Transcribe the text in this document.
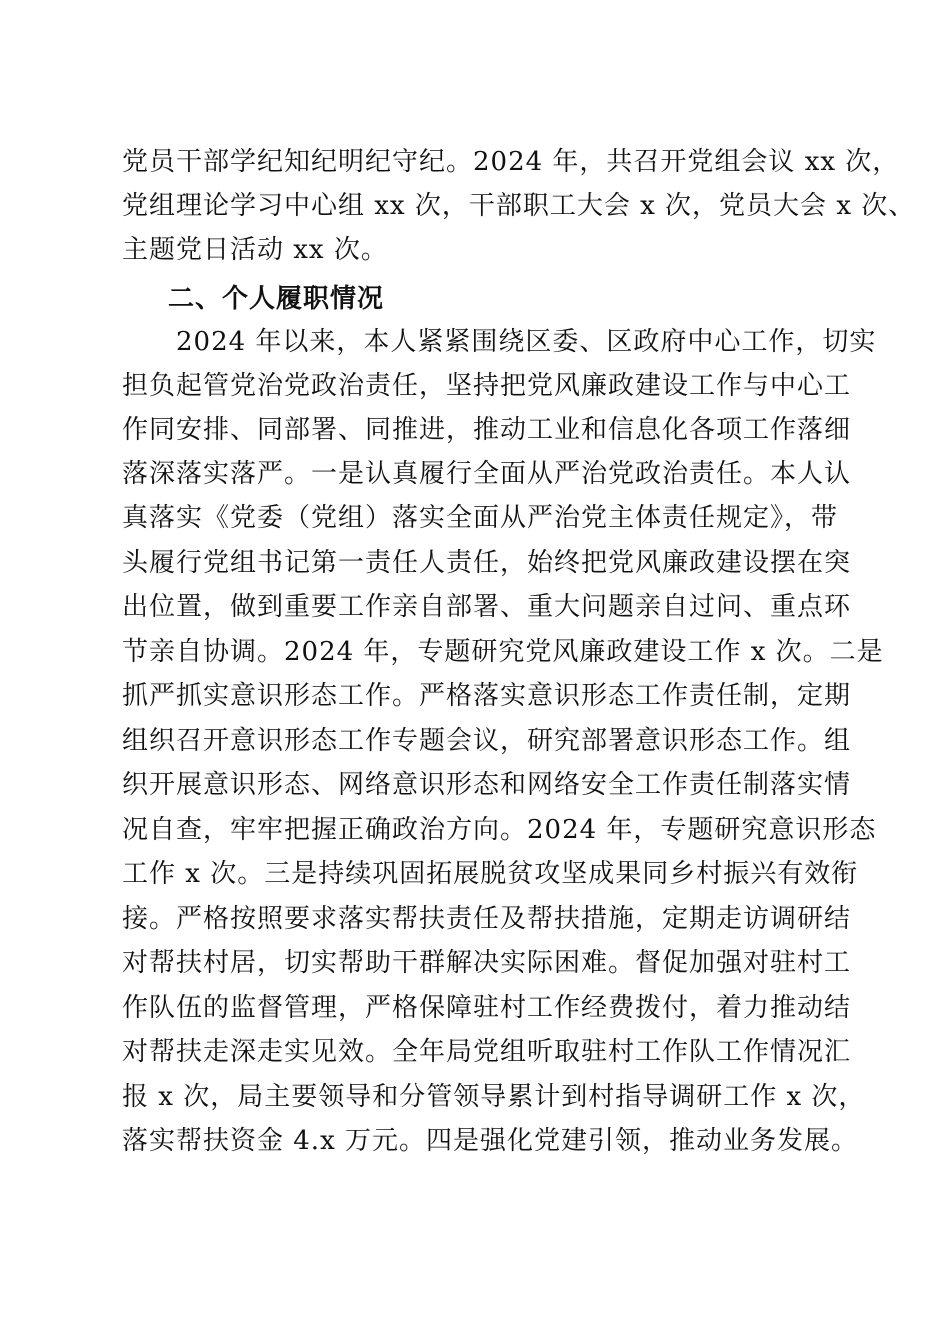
党员干部学纪知纪明纪守纪。2024 年，共召开党组会议 xx 次，
党组理论学习中心组 xx 次，干部职工大会 x 次，党员大会 x 次、
主题党日活动 xx 次。
二、个人履职情况
　　2024 年以来，本人紧紧围绕区委、区政府中心工作，切实
担负起管党治党政治责任，坚持把党风廉政建设工作与中心工
作同安排、同部署、同推进，推动工业和信息化各项工作落细
落深落实落严。一是认真履行全面从严治党政治责任。本人认
真落实《党委（党组）落实全面从严治党主体责任规定》，带
头履行党组书记第一责任人责任，始终把党风廉政建设摆在突
出位置，做到重要工作亲自部署、重大问题亲自过问、重点环
节亲自协调。2024 年，专题研究党风廉政建设工作 x 次。二是
抓严抓实意识形态工作。严格落实意识形态工作责任制，定期
组织召开意识形态工作专题会议，研究部署意识形态工作。组
织开展意识形态、网络意识形态和网络安全工作责任制落实情
况自查，牢牢把握正确政治方向。2024 年，专题研究意识形态
工作 x 次。三是持续巩固拓展脱贫攻坚成果同乡村振兴有效衔
接。严格按照要求落实帮扶责任及帮扶措施，定期走访调研结
对帮扶村居，切实帮助干群解决实际困难。督促加强对驻村工
作队伍的监督管理，严格保障驻村工作经费拨付，着力推动结
对帮扶走深走实见效。全年局党组听取驻村工作队工作情况汇
报 x 次，局主要领导和分管领导累计到村指导调研工作 x 次，
落实帮扶资金 4.x 万元。四是强化党建引领，推动业务发展。
